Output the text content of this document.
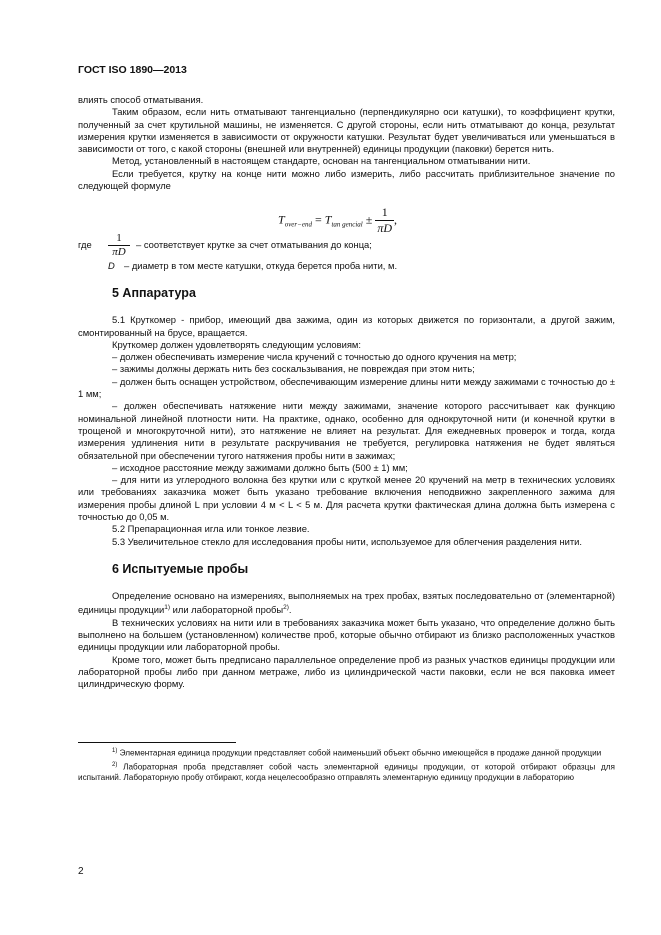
ГОСТ ISO 1890—2013

влиять способ отматывания.

Таким образом, если нить отматывают тангенциально (перпендикулярно оси катушки), то коэффициент крутки, полученный за счет крутильной машины, не изменяется. С другой стороны, если нить отматывают до конца, результат измерения крутки изменяется в зависимости от окружности катушки. Результат будет увеличиваться или уменьшаться в зависимости от того, с какой стороны (внешней или внутренней) единицы продукции (паковки) берется нить.

Метод, установленный в настоящем стандарте, основан на тангенциальном отматывании нити.

Если требуется, крутку на конце нити можно либо измерить, либо рассчитать приблизительное значение по следующей формуле

$T_{over-end} = T_{tan gencial} \pm \frac{1}{\pi D}$ ,
где	$\frac{1}{\pi D}$ – соответствует крутке за счет отматывания до конца;
D – диаметр в том месте катушки, откуда берется проба нити, м.
5 Аппаратура

5.1 Круткомер - прибор, имеющий два зажима, один из которых движется по горизонтали, а другой зажим, смонтированный на брусе, вращается.

Круткомер должен удовлетворять следующим условиям:

– должен обеспечивать измерение числа кручений с точностью до одного кручения на метр;

– зажимы должны держать нить без соскальзывания, не повреждая при этом нить;

– должен быть оснащен устройством, обеспечивающим измерение длины нити между зажимами с точностью до ± 1 мм;

– должен обеспечивать натяжение нити между зажимами, значение которого рассчитывает как функцию номинальной линейной плотности нити. На практике, однако, особенно для однокруточной нити (и конечной крутки в трощеной и многокруточной нити), это натяжение не влияет на результат. Для ежедневных проверок и тогда, когда измерения удлинения нити в результате раскручивания не требуется, регулировка натяжения не будет являться обязательной при обеспечении тугого натяжения пробы нити в зажимах;

– исходное расстояние между зажимами должно быть (500 ± 1) мм;

– для нити из углеродного волокна без крутки или с круткой менее 20 кручений на метр в технических условиях или требованиях заказчика может быть указано требование включения неподвижно закрепленного зажима для измерения пробы длиной L при условии 4 м < L < 5 м. Для расчета крутки фактическая длина должна быть измерена с точностью до 0,05 м.

5.2 Препарационная игла или тонкое лезвие.

5.3 Увеличительное стекло для исследования пробы нити, используемое для облегчения разделения нити.

6 Испытуемые пробы

Определение основано на измерениях, выполняемых на трех пробах, взятых последовательно от (элементарной) единицы продукции$^{1)}$ или лабораторной пробы$^{2)}$.

В технических условиях на нити или в требованиях заказчика может быть указано, что определение должно быть выполнено на большем (установленном) количестве проб, которые обычно отбирают из близко расположенных участков единицы продукции или лабораторной пробы.

Кроме того, может быть предписано параллельное определение проб из разных участков единицы продукции или лабораторной пробы либо при данном метраже, либо из цилиндрической части паковки, если не вся паковка имеет цилиндрическую форму.

$^{1)}$ Элементарная единица продукции представляет собой наименьший объект обычно имеющейся в продаже данной продукции

$^{2)}$ Лабораторная проба представляет собой часть элементарной единицы продукции, от которой отбирают образцы для испытаний. Лабораторную пробу отбирают, когда нецелесообразно отправлять элементарную единицу продукции в лабораторию

2
